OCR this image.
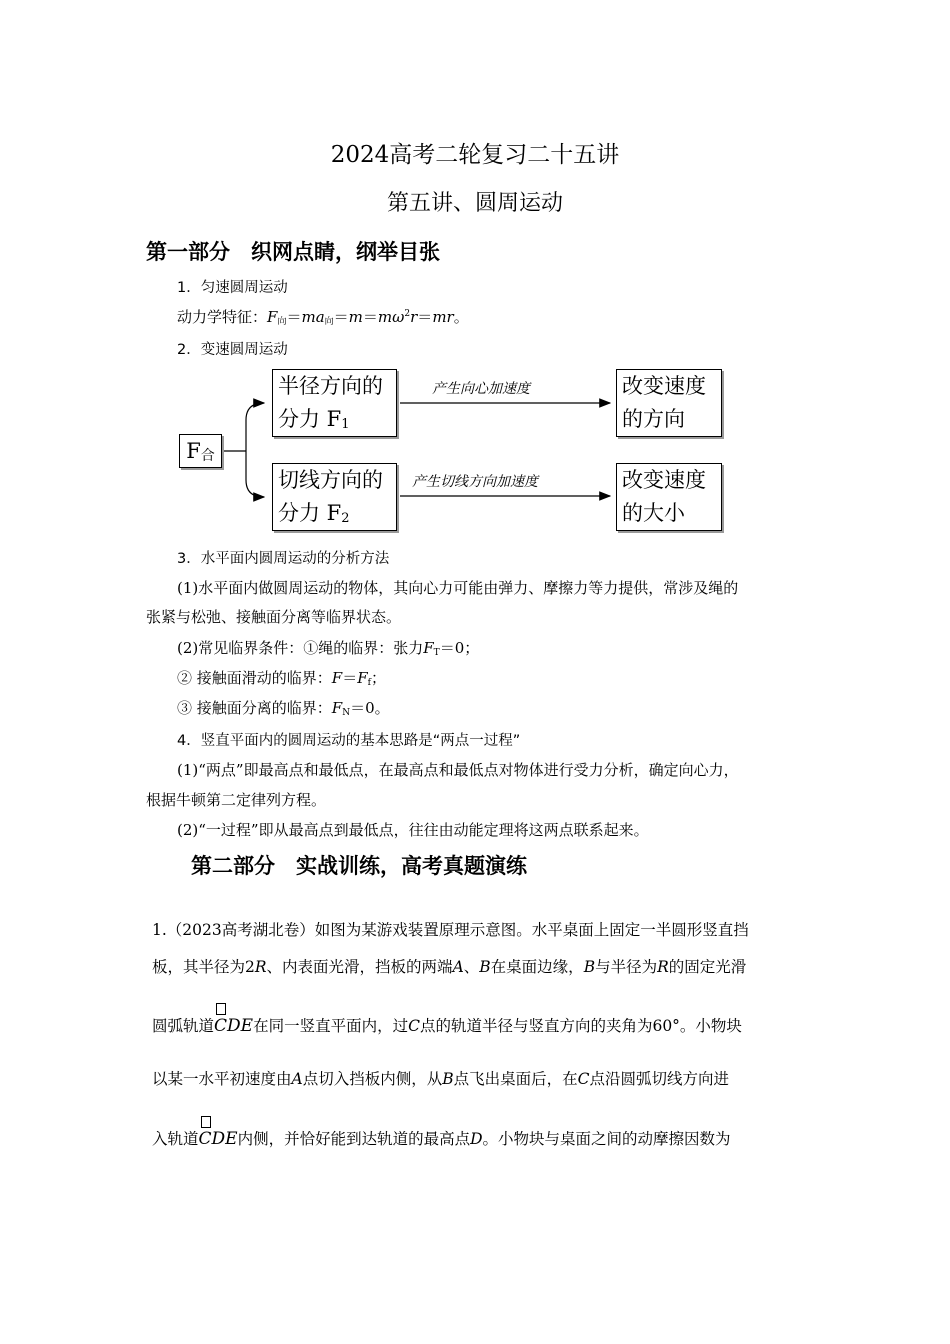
2024高考二轮复习二十五讲
第五讲、圆周运动
第一部分　织网点睛，纲举目张
1．匀速圆周运动
动力学特征：$F_向=ma_向=m=m\omega^2r=mr$。
2．变速圆周运动
$F_合$
半径方向的
分力 $F_1$
产生向心加速度	改变速度
的方向
切线方向的
分力 $F_2$
产生切线方向加速度	改变速度
的大小
3．水平面内圆周运动的分析方法
(1)水平面内做圆周运动的物体，其向心力可能由弹力、摩擦力等力提供，常涉及绳的
张紧与松弛、接触面分离等临界状态。
(2)常见临界条件：①绳的临界：张力$F_T=0$；
② 接触面滑动的临界：$F=F_f$；
③ 接触面分离的临界：$F_N=0$。
4．竖直平面内的圆周运动的基本思路是“两点一过程”
(1)“两点”即最高点和最低点，在最高点和最低点对物体进行受力分析，确定向心力，
根据牛顿第二定律列方程。
(2)“一过程”即从最高点到最低点，往往由动能定理将这两点联系起来。
第二部分　实战训练，高考真题演练
1.（2023高考湖北卷）如图为某游戏装置原理示意图。水平桌面上固定一半圆形竖直挡
板，其半径为2R、内表面光滑，挡板的两端A、B在桌面边缘，B与半径为R的固定光滑
圆弧轨道
CDE在同一竖直平面内，过C点的轨道半径与竖直方向的夹角为60°。小物块
以某一水平初速度由A点切入挡板内侧，从B点飞出桌面后，在C点沿圆弧切线方向进
入轨道
CDE内侧，并恰好能到达轨道的最高点D。小物块与桌面之间的动摩擦因数为
